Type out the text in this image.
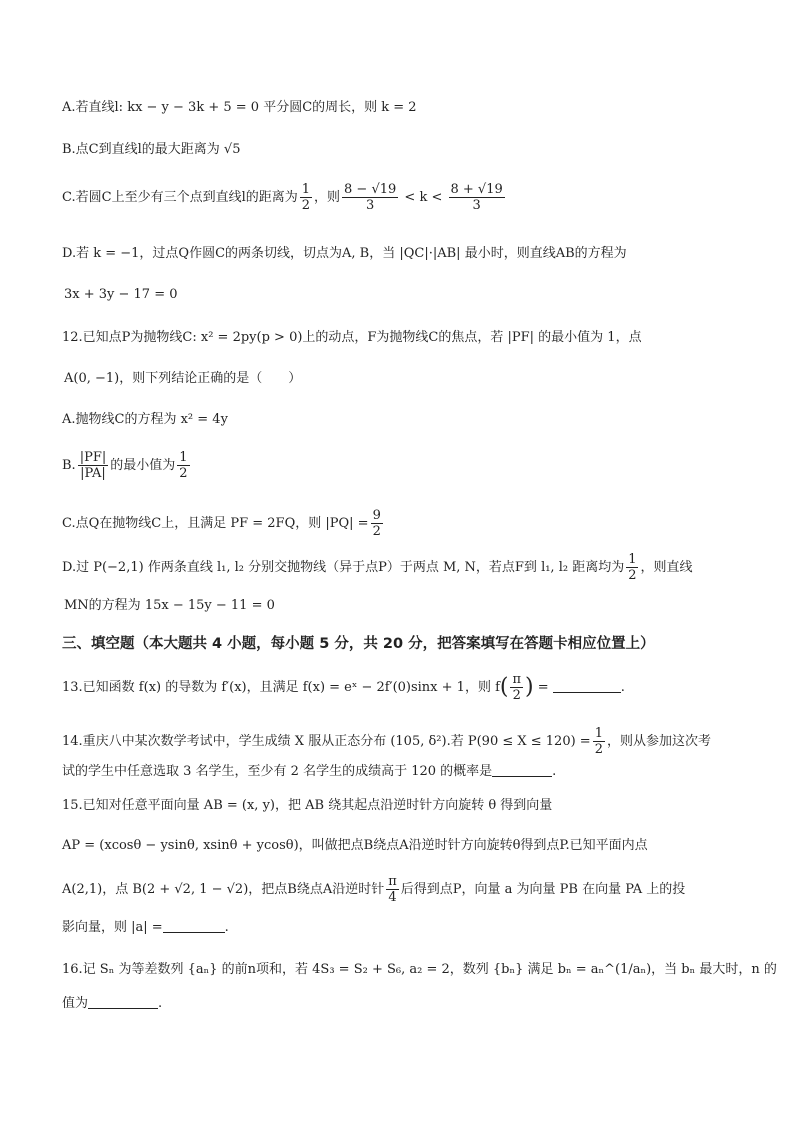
A.若直线l: kx − y − 3k + 5 = 0 平分圆C的周长，则 k = 2
B.点C到直线l的最大距离为 √5
C.若圆C上至少有三个点到直线l的距离为 $\frac{1}{2}$ ，则 $\frac{8 - √19}{3} < k < \frac{8 + √19}{3}$
D.若 k = −1，过点Q作圆C的两条切线，切点为A, B，当 |QC|·|AB| 最小时，则直线AB的方程为
3x + 3y − 17 = 0
12.已知点P为抛物线C: x² = 2py(p > 0)上的动点，F为抛物线C的焦点，若 |PF| 的最小值为 1，点
A(0, −1)，则下列结论正确的是（　　）
A.抛物线C的方程为 x² = 4y
B. $\frac{|PF|}{|PA|}$ 的最小值为 $\frac{1}{2}$
C.点Q在抛物线C上，且满足 PF = 2FQ，则 $|PQ| = \frac{9}{2}$
D.过 P(−2,1) 作两条直线 l₁, l₂ 分别交抛物线（异于点P）于两点 M, N，若点F到 l₁, l₂ 距离均为 $\frac{1}{2}$ ，则直线
MN的方程为 15x − 15y − 11 = 0
三、填空题（本大题共 4 小题，每小题 5 分，共 20 分，把答案填写在答题卡相应位置上）
13.已知函数 f(x) 的导数为 f′(x)，且满足 f(x) = eˣ − 2f′(0)sinx + 1，则 $f( \frac{\pi}{2}$ ) =	.
14.重庆八中某次数学考试中，学生成绩 X 服从正态分布 (105, δ²).若 $P(90 \le X \le 120) = \frac{1}{2}$ ，则从参加这次考
试的学生中任意选取 3 名学生，至少有 2 名学生的成绩高于 120 的概率是	.
15.已知对任意平面向量 AB = (x, y)，把 AB 绕其起点沿逆时针方向旋转 θ 得到向量
AP = (xcosθ − ysinθ, xsinθ + ycosθ)，叫做把点B绕点A沿逆时针方向旋转θ得到点P.已知平面内点
A(2,1)，点 B(2 + √2, 1 − √2)，把点B绕点A沿逆时针 $\frac{\pi}{4}$ 后得到点P，向量 a 为向量 PB 在向量 PA 上的投
影向量，则 |a| =	.
16.记 Sₙ 为等差数列 {aₙ} 的前n项和，若 4S₃ = S₂ + S₆, a₂ = 2，数列 {bₙ} 满足 bₙ = aₙ^(1/aₙ)，当 bₙ 最大时，n 的
值为	.
